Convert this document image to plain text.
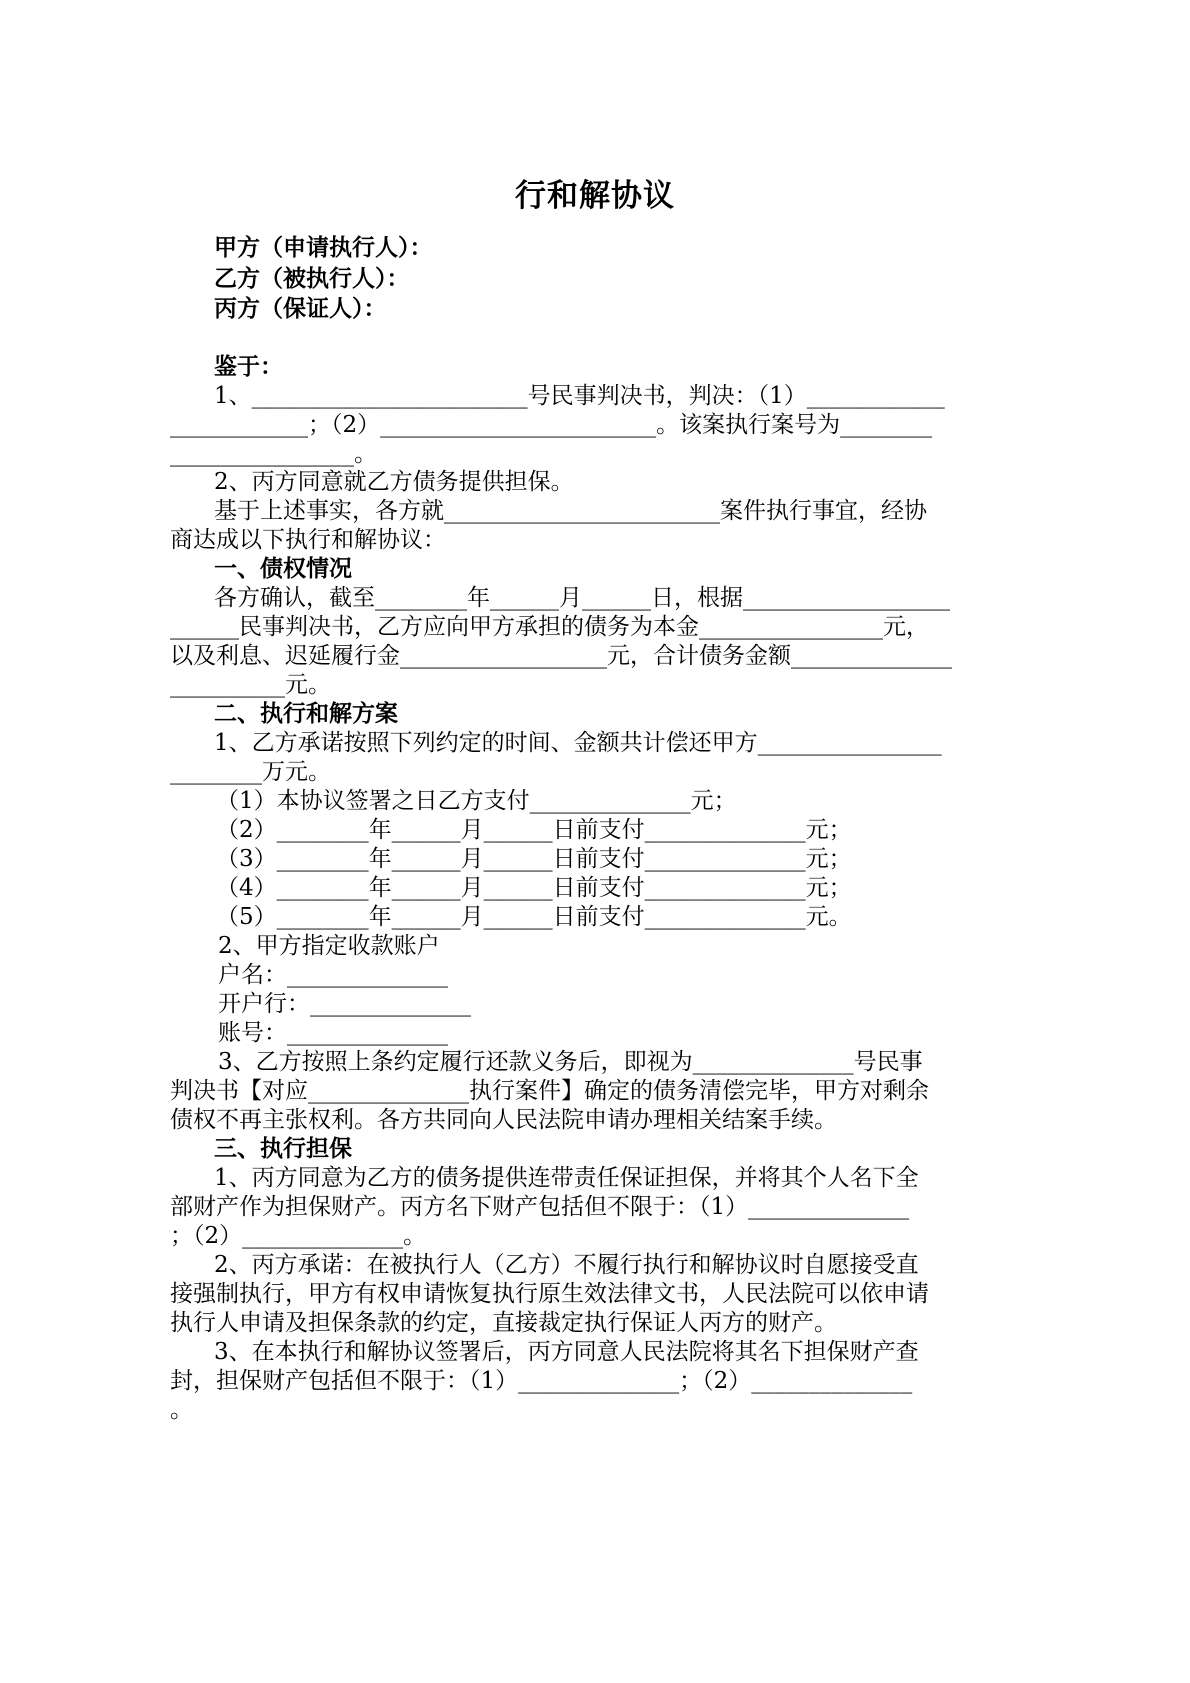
行和解协议
甲方（申请执行人）：
乙方（被执行人）：
丙方（保证人）：
鉴于：
1、________________________号民事判决书，判决：（1）____________
____________；（2）________________________。该案执行案号为________
________________。
2、丙方同意就乙方债务提供担保。
基于上述事实，各方就________________________案件执行事宜，经协
商达成以下执行和解协议：
一、债权情况
各方确认，截至________年______月______日，根据__________________
______民事判决书，乙方应向甲方承担的债务为本金________________元，
以及利息、迟延履行金__________________元，合计债务金额______________
__________元。
二、执行和解方案
1、乙方承诺按照下列约定的时间、金额共计偿还甲方________________
________万元。
（1）本协议签署之日乙方支付______________元；
（2）________年______月______日前支付______________元；
（3）________年______月______日前支付______________元；
（4）________年______月______日前支付______________元；
（5）________年______月______日前支付______________元。
2、甲方指定收款账户
户名：______________
开户行：______________
账号：______________
3、乙方按照上条约定履行还款义务后，即视为______________号民事
判决书【对应______________执行案件】确定的债务清偿完毕，甲方对剩余
债权不再主张权利。各方共同向人民法院申请办理相关结案手续。
三、执行担保
1、丙方同意为乙方的债务提供连带责任保证担保，并将其个人名下全
部财产作为担保财产。丙方名下财产包括但不限于：（1）______________
；（2）______________。
2、丙方承诺：在被执行人（乙方）不履行执行和解协议时自愿接受直
接强制执行，甲方有权申请恢复执行原生效法律文书，人民法院可以依申请
执行人申请及担保条款的约定，直接裁定执行保证人丙方的财产。
3、在本执行和解协议签署后，丙方同意人民法院将其名下担保财产查
封，担保财产包括但不限于：（1）______________；（2）______________
。
